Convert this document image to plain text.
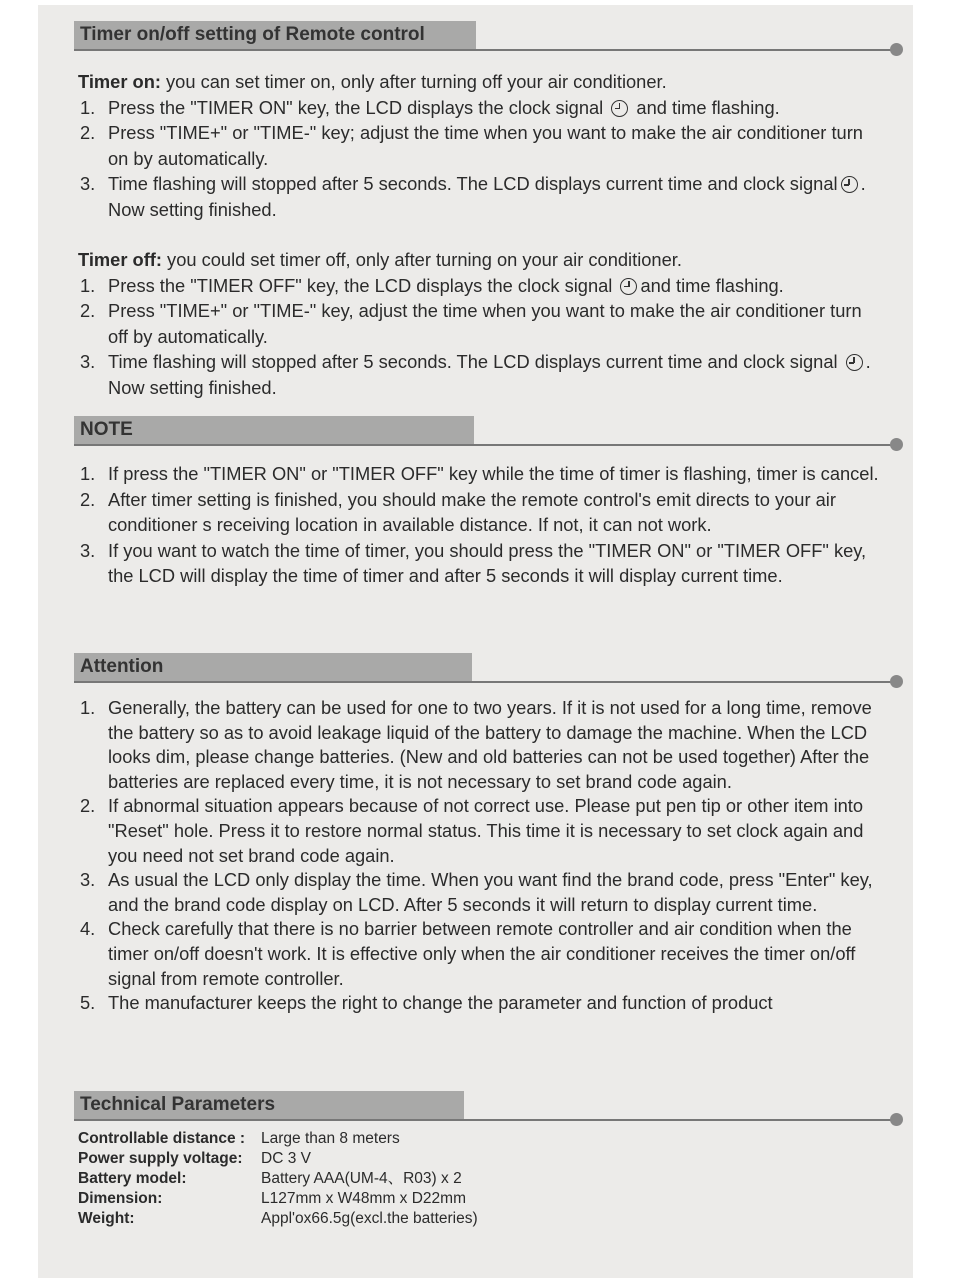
Timer on/off setting of Remote control
Timer on: you can set timer on, only after turning off your air conditioner.
1. Press the "TIMER ON" key, the LCD displays the clock signal  and time flashing.
2. Press "TIME+" or "TIME-" key; adjust the time when you want to make the air conditioner turn on by automatically.
3. Time flashing will stopped after 5 seconds. The LCD displays current time and clock signal . Now setting finished.
Timer off: you could set timer off, only after turning on your air conditioner.
1. Press the "TIMER OFF" key, the LCD displays the clock signal and time flashing.
2. Press "TIME+" or "TIME-" key, adjust the time when you want to make the air conditioner turn off by automatically.
3. Time flashing will stopped after 5 seconds. The LCD displays current time and clock signal . Now setting finished.
NOTE
1. If press the "TIMER ON" or "TIMER OFF" key while the time of timer is flashing, timer is cancel.
2. After timer setting is finished, you should make the remote control's emit directs to your air conditioner s receiving location in available distance. If not, it can not work.
3. If you want to watch the time of timer, you should press the "TIMER ON" or "TIMER OFF" key, the LCD will display the time of timer and after 5 seconds it will display current time.
Attention
1. Generally, the battery can be used for one to two years. If it is not used for a long time, remove the battery so as to avoid leakage liquid of the battery to damage the machine. When the LCD looks dim, please change batteries. (New and old batteries can not be used together) After the batteries are replaced every time, it is not necessary to set brand code again.
2. If abnormal situation appears because of not correct use. Please put pen tip or other item into "Reset" hole. Press it to restore normal status. This time it is necessary to set clock again and you need not set brand code again.
3. As usual the LCD only display the time. When you want find the brand code, press "Enter" key, and the brand code display on LCD. After 5 seconds it will return to display current time.
4. Check carefully that there is no barrier between remote controller and air condition when the timer on/off doesn't work. It is effective only when the air conditioner receives the timer on/off signal from remote controller.
5. The manufacturer keeps the right to change the parameter and function of product
Technical Parameters
Controllable distance :	Large than 8 meters
Power supply voltage:	DC 3 V
Battery model:	Battery AAA(UM-4、R03) x 2
Dimension:	L127mm x W48mm x D22mm
Weight:	Appl'ox66.5g(excl.the batteries)
